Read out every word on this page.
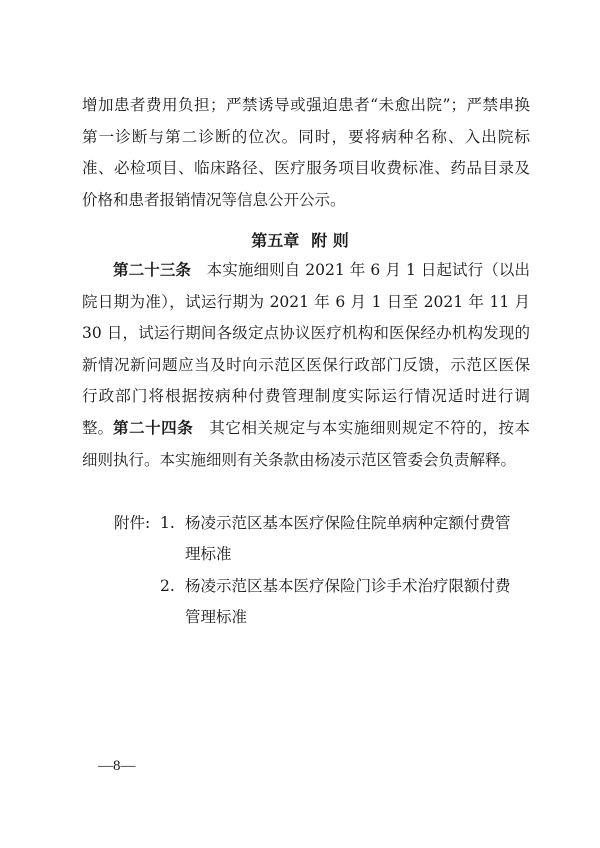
增加患者费用负担；严禁诱导或强迫患者“未愈出院”；严禁串换第一诊断与第二诊断的位次。同时，要将病种名称、入出院标准、必检项目、临床路径、医疗服务项目收费标准、药品目录及价格和患者报销情况等信息公开公示。

第五章 附 则

第二十三条　 本实施细则自 2021 年 6 月 1 日起试行（以出院日期为准），试运行期为 2021 年 6 月 1 日至 2021 年 11 月 30 日，试运行期间各级定点协议医疗机构和医保经办机构发现的新情况新问题应当及时向示范区医保行政部门反馈，示范区医保行政部门将根据按病种付费管理制度实际运行情况适时进行调整。 第二十四条　 其它相关规定与本实施细则规定不符的，按本细则执行。本实施细则有关条款由杨凌示范区管委会负责解释。

附件: 1. 杨凌示范区基本医疗保险住院单病种定额付费管
理标准
2. 杨凌示范区基本医疗保险门诊手术治疗限额付费
管理标准
—8—
